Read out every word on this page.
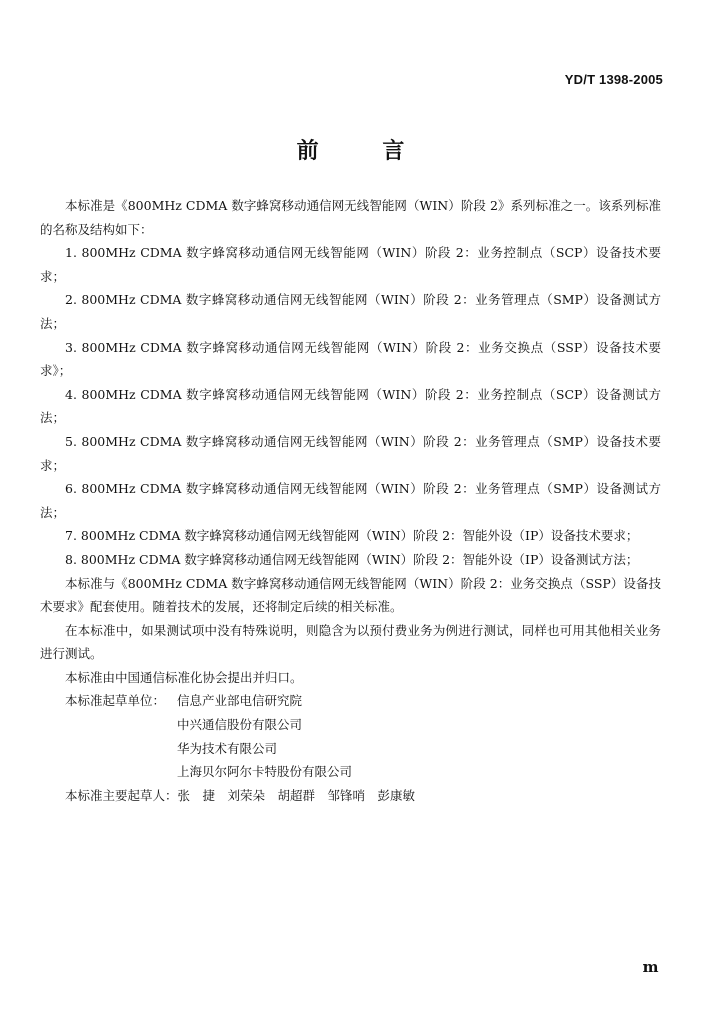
YD/T 1398-2005
前 言

本标准是《800MHz CDMA 数字蜂窝移动通信网无线智能网（WIN）阶段 2》系列标准之一。该系列标准的名称及结构如下：

1. 800MHz CDMA 数字蜂窝移动通信网无线智能网（WIN）阶段 2：业务控制点（SCP）设备技术要求；

2. 800MHz CDMA 数字蜂窝移动通信网无线智能网（WIN）阶段 2：业务管理点（SMP）设备测试方法；

3. 800MHz CDMA 数字蜂窝移动通信网无线智能网（WIN）阶段 2：业务交换点（SSP）设备技术要求》；

4. 800MHz CDMA 数字蜂窝移动通信网无线智能网（WIN）阶段 2：业务控制点（SCP）设备测试方法；

5. 800MHz CDMA 数字蜂窝移动通信网无线智能网（WIN）阶段 2：业务管理点（SMP）设备技术要求；

6. 800MHz CDMA 数字蜂窝移动通信网无线智能网（WIN）阶段 2：业务管理点（SMP）设备测试方法；

7. 800MHz CDMA 数字蜂窝移动通信网无线智能网（WIN）阶段 2：智能外设（IP）设备技术要求；

8. 800MHz CDMA 数字蜂窝移动通信网无线智能网（WIN）阶段 2：智能外设（IP）设备测试方法；

本标准与《800MHz CDMA 数字蜂窝移动通信网无线智能网（WIN）阶段 2：业务交换点（SSP）设备技术要求》配套使用。随着技术的发展，还将制定后续的相关标准。

在本标准中，如果测试项中没有特殊说明，则隐含为以预付费业务为例进行测试，同样也可用其他相关业务进行测试。

本标准由中国通信标准化协会提出并归口。

本标准起草单位： 信息产业部电信研究院
中兴通信股份有限公司
华为技术有限公司
上海贝尔阿尔卡特股份有限公司

本标准主要起草人：张　捷　刘荣朵　胡超群　邹锋哨　彭康敏

m
